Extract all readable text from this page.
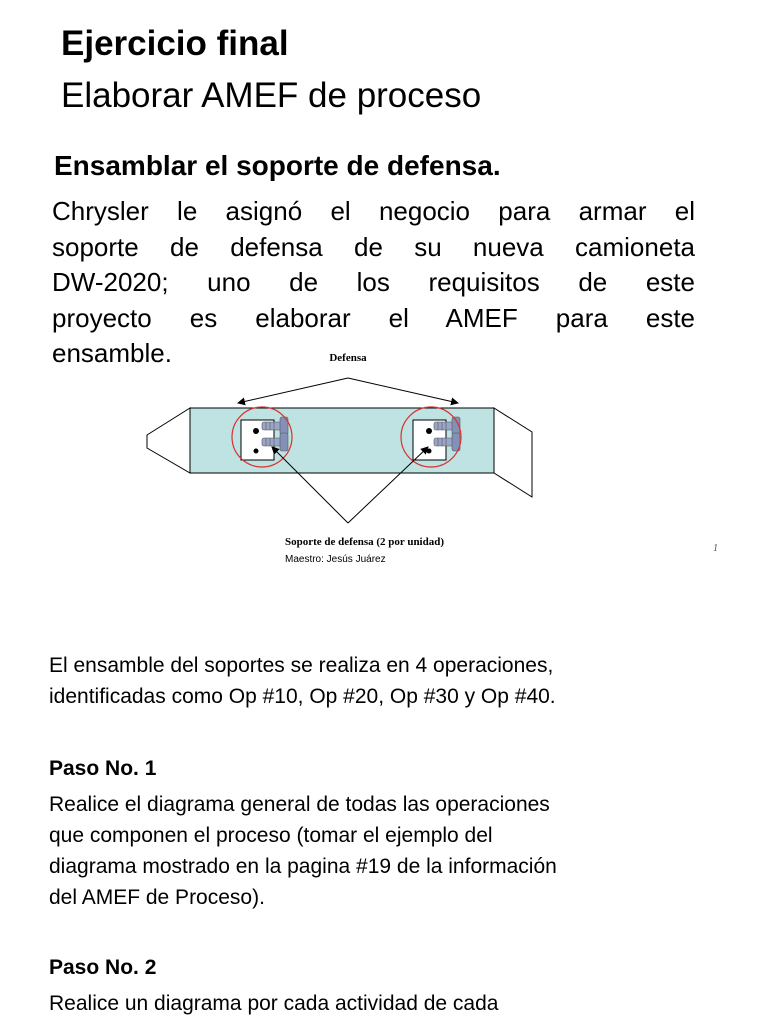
Ejercicio final
Elaborar AMEF de proceso
Ensamblar el soporte de defensa.
Chrysler le asignó el negocio para armar el
soporte de defensa de su nueva camioneta
DW-2020; uno de los requisitos de este
proyecto es elaborar el AMEF para este
ensamble.	Defensa
Soporte de defensa (2 por unidad)
Maestro: Jesús Juárez
1
El ensamble del soportes se realiza en 4 operaciones,
identificadas como Op #10, Op #20, Op #30 y Op #40.
Paso No. 1
Realice el diagrama general de todas las operaciones
que componen el proceso (tomar el ejemplo del
diagrama mostrado en la pagina #19 de la información
del AMEF de Proceso).
Paso No. 2
Realice un diagrama por cada actividad de cada
